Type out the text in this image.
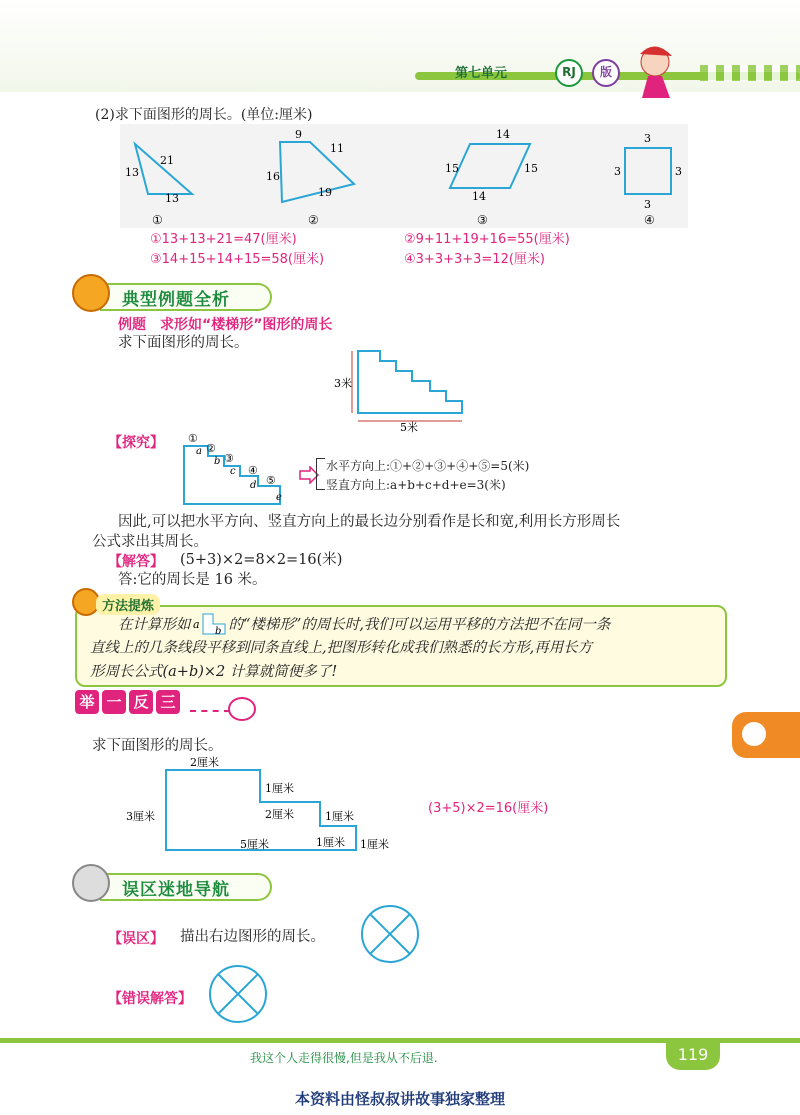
第七单元	RJ	版
(2)求下面图形的周长。(单位:厘米)
21
13
13
①
9
11
16
19
②
14
15	15
14
③
3
3	3
3
④
①13+13+21=47(厘米)	②9+11+19+16=55(厘米)
③14+15+14+15=58(厘米)	④3+3+3+3=12(厘米)
典型例题全析
例题　求形如“楼梯形”图形的周长
求下面图形的周长。
3米
5米
【探究】 ①
②
③
④
⑤
a
b
c
d
e
水平方向上:①+②+③+④+⑤=5(米)
竖直方向上:a+b+c+d+e=3(米)
因此,可以把水平方向、竖直方向上的最长边分别看作是长和宽,利用长方形周长
公式求出其周长。
【解答】 (5+3)×2=8×2=16(米)
答:它的周长是 16 米。
方法提炼
在计算形如 a
b 的“楼梯形”的周长时,我们可以运用平移的方法把不在同一条
直线上的几条线段平移到同条直线上,把图形转化成我们熟悉的长方形,再用长方
形周长公式(a+b)×2 计算就简便多了!
举 一 反 三
求下面图形的周长。
2厘米
1厘米
2厘米	1厘米
3厘米
5厘米	1厘米 1厘米
(3+5)×2=16(厘米)
误区迷地导航
【误区】 描出右边图形的周长。
【错误解答】
我这个人走得很慢,但是我从不后退.	119
本资料由怪叔叔讲故事独家整理
